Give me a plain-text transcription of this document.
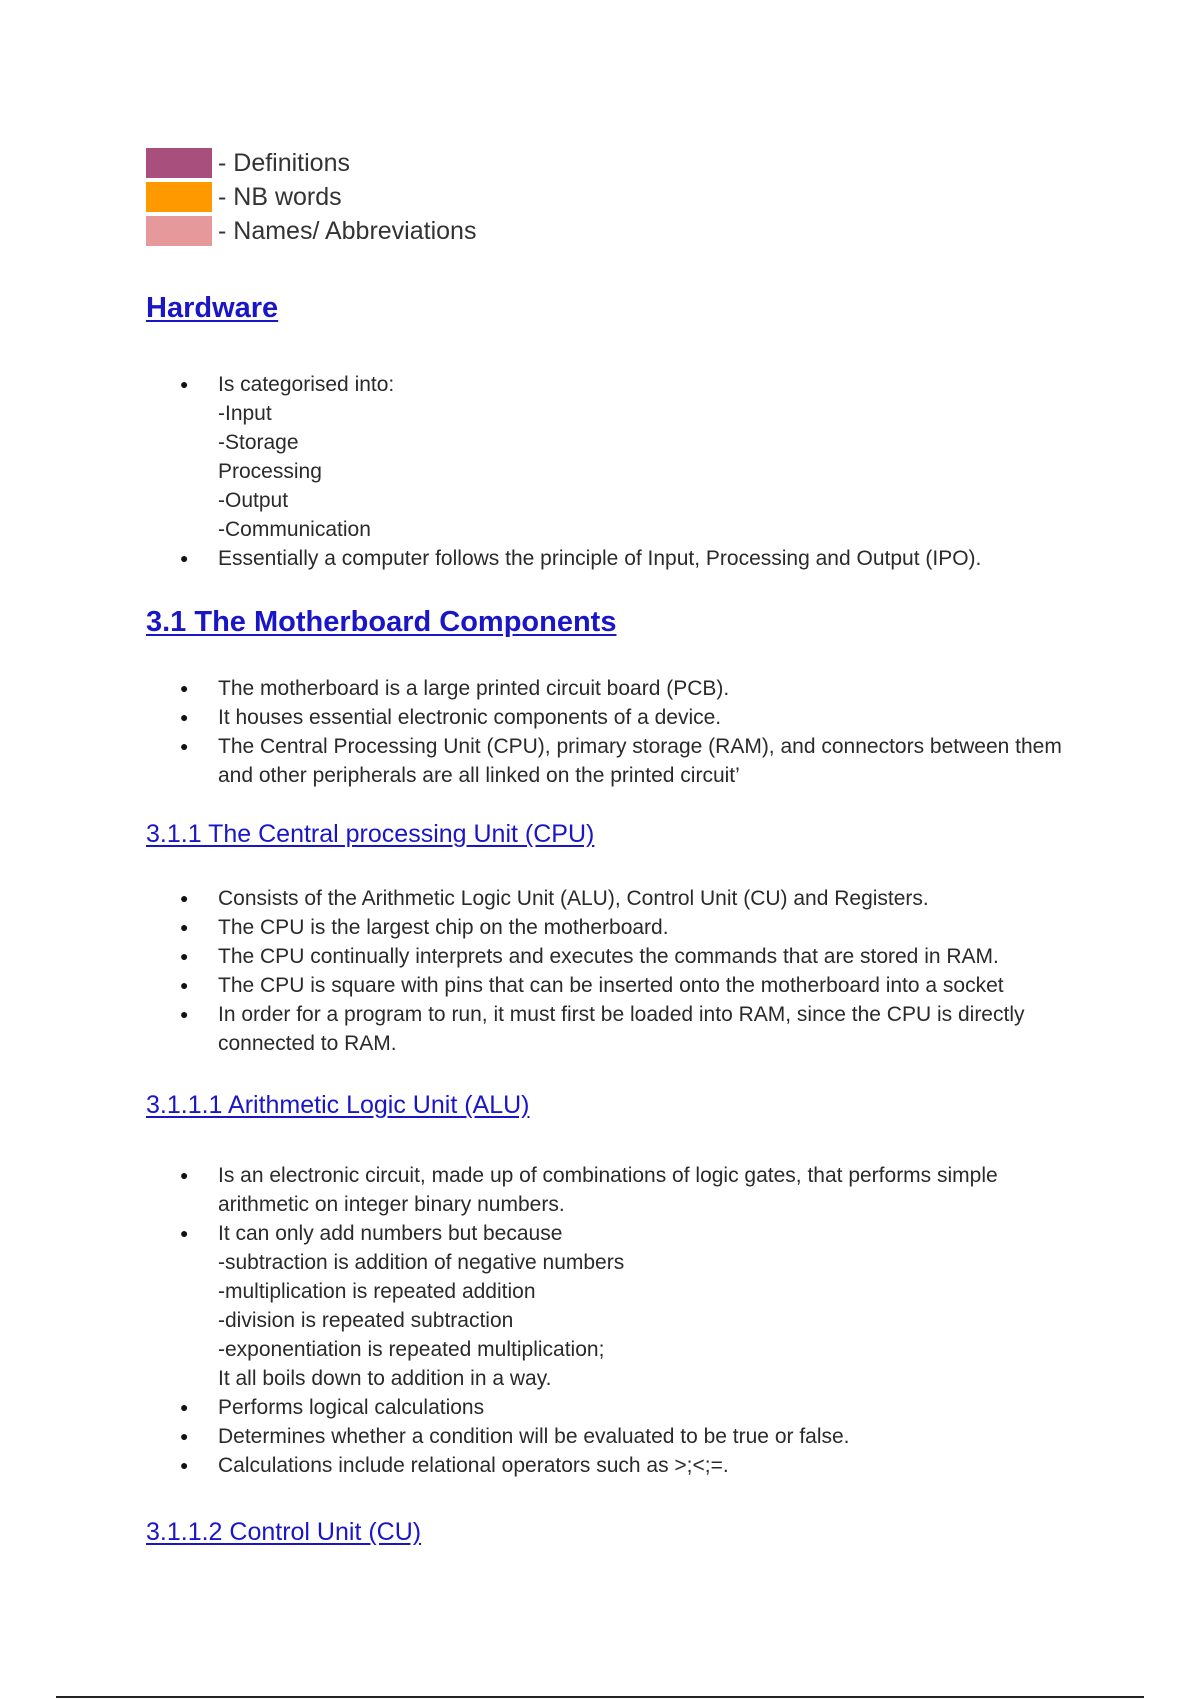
- Definitions
- NB words
- Names/ Abbreviations
Hardware
● Is categorised into:
-Input
-Storage
Processing
-Output
-Communication
● Essentially a computer follows the principle of Input, Processing and Output (IPO).
3.1 The Motherboard Components
● The motherboard is a large printed circuit board (PCB).
● It houses essential electronic components of a device.
● The Central Processing Unit (CPU), primary storage (RAM), and connectors between them and other peripherals are all linked on the printed circuit’
3.1.1 The Central processing Unit (CPU)
● Consists of the Arithmetic Logic Unit (ALU), Control Unit (CU) and Registers.
● The CPU is the largest chip on the motherboard.
● The CPU continually interprets and executes the commands that are stored in RAM.
● The CPU is square with pins that can be inserted onto the motherboard into a socket
● In order for a program to run, it must first be loaded into RAM, since the CPU is directly connected to RAM.
3.1.1.1 Arithmetic Logic Unit (ALU)
● Is an electronic circuit, made up of combinations of logic gates, that performs simple arithmetic on integer binary numbers.
● It can only add numbers but because
-subtraction is addition of negative numbers
-multiplication is repeated addition
-division is repeated subtraction
-exponentiation is repeated multiplication;
It all boils down to addition in a way.
● Performs logical calculations
● Determines whether a condition will be evaluated to be true or false.
● Calculations include relational operators such as >;<;=.
3.1.1.2 Control Unit (CU)
